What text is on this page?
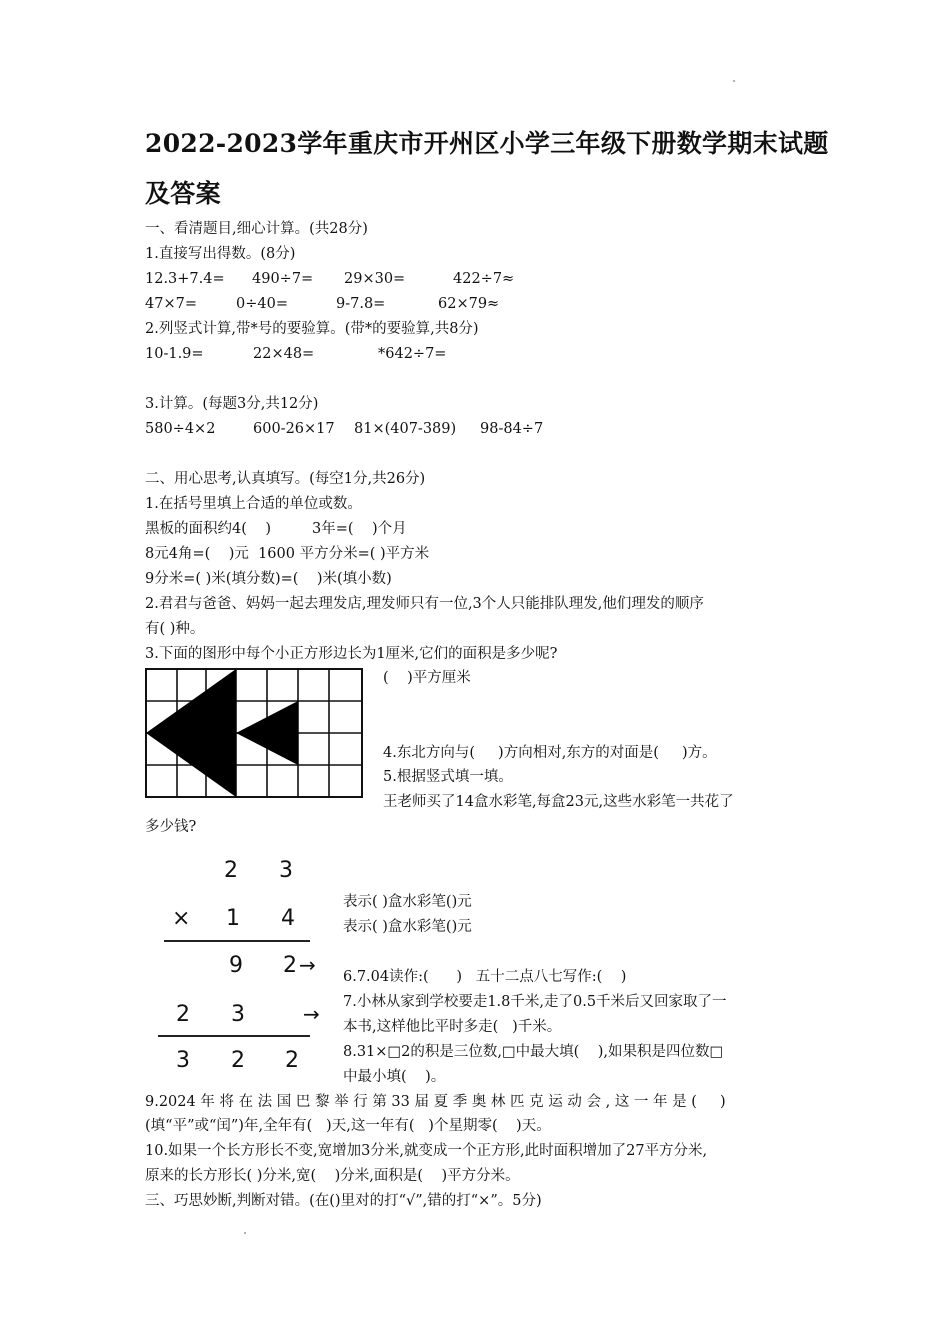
2022-2023学年重庆市开州区小学三年级下册数学期末试题
及答案
一、看清题目,细心计算。(共28分)
1.直接写出得数。(8分)
12.3+7.4= 490÷7= 29×30=	422÷7≈
47×7=	0÷40=	9-7.8=	62×79≈
2.列竖式计算,带*号的要验算。(带*的要验算,共8分)
10-1.9=	22×48=	*642÷7=
3.计算。(每题3分,共12分)
580÷4×2	600-26×17 81×(407-389) 98-84÷7
二、用心思考,认真填写。(每空1分,共26分)
1.在括号里填上合适的单位或数。
黑板的面积约4(    )	3年=(    )个月
8元4角=(    )元  1600 平方分米=( )平方米
9分米=( )米(填分数)=(    )米(填小数)
2.君君与爸爸、妈妈一起去理发店,理发师只有一位,3个人只能排队理发,他们理发的顺序
有( )种。
3.下面的图形中每个小正方形边长为1厘米,它们的面积是多少呢?
(    )平方厘米
4.东北方向与(     )方向相对,东方的对面是(     )方。
5.根据竖式填一填。
王老师买了14盒水彩笔,每盒23元,这些水彩笔一共花了
多少钱?
2 3
× 1 4
9 2 →
2 3	→
3 2 2
表示( )盒水彩笔()元
表示( )盒水彩笔()元
6.7.04读作:(      )   五十二点八七写作:(    )
7.小林从家到学校要走1.8千米,走了0.5千米后又回家取了一
本书,这样他比平时多走(   )千米。
8.31×□2的积是三位数,□中最大填(    ),如果积是四位数□
中最小填(    )。
9.2024 年 将 在 法 国 巴 黎 举 行 第 33 届 夏 季 奥 林 匹 克 运 动 会 , 这 一 年 是 (     )
(填“平”或“闰”)年,全年有(   )天,这一年有(   )个星期零(    )天。
10.如果一个长方形长不变,宽增加3分米,就变成一个正方形,此时面积增加了27平方分米,
原来的长方形长( )分米,宽(    )分米,面积是(    )平方分米。
三、巧思妙断,判断对错。(在()里对的打“√”,错的打“×”。5分)
